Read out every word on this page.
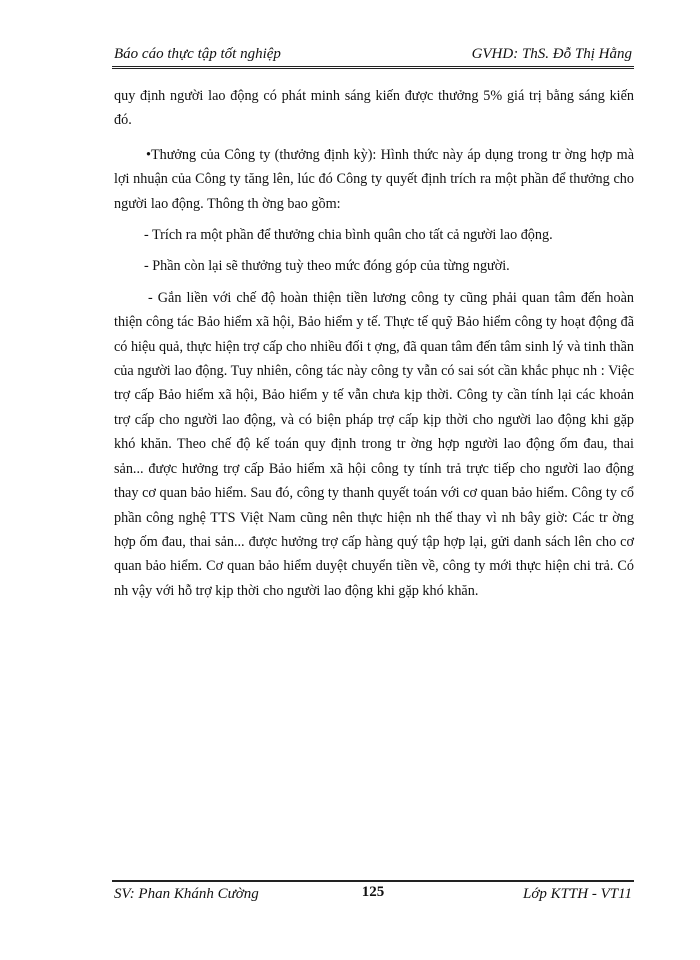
Báo cáo thực tập tốt nghiệp	GVHD: ThS. Đỗ Thị Hằng

quy định người lao động có phát minh sáng kiến được thưởng 5% giá trị bằng sáng kiến đó.

•Thưởng của Công ty (thưởng định kỳ): Hình thức này áp dụng trong tr ờng hợp mà lợi nhuận của Công ty tăng lên, lúc đó Công ty quyết định trích ra một phần để thưởng cho người lao động. Thông th ờng bao gồm:

- Trích ra một phần để thưởng chia bình quân cho tất cả người lao động.

- Phần còn lại sẽ thưởng tuỳ theo mức đóng góp của từng người.

- Gắn liền với chế độ hoàn thiện tiền lương công ty cũng phải quan tâm đến hoàn thiện công tác Bảo hiểm xã hội, Bảo hiểm y tế. Thực tế quỹ Bảo hiểm công ty hoạt động đã có hiệu quả, thực hiện trợ cấp cho nhiều đối t ợng, đã quan tâm đến tâm sinh lý và tinh thần của người lao động. Tuy nhiên, công tác này công ty vẫn có sai sót cần khắc phục nh : Việc trợ cấp Bảo hiểm xã hội, Bảo hiểm y tế vẫn chưa kịp thời. Công ty cần tính lại các khoản trợ cấp cho người lao động, và có biện pháp trợ cấp kịp thời cho người lao động khi gặp khó khăn. Theo chế độ kế toán quy định trong tr ờng hợp người lao động ốm đau, thai sản... được hưởng trợ cấp Bảo hiểm xã hội công ty tính trả trực tiếp cho người lao động thay cơ quan bảo hiểm. Sau đó, công ty thanh quyết toán với cơ quan bảo hiểm. Công ty cổ phần công nghệ TTS Việt Nam cũng nên thực hiện nh thế thay vì nh bây giờ: Các tr ờng hợp ốm đau, thai sản... được hưởng trợ cấp hàng quý tập hợp lại, gửi danh sách lên cho cơ quan bảo hiểm. Cơ quan bảo hiểm duyệt chuyển tiền về, công ty mới thực hiện chi trả. Có nh vậy với hỗ trợ kịp thời cho người lao động khi gặp khó khăn.

SV: Phan Khánh Cường	125	Lớp KTTH - VT11
